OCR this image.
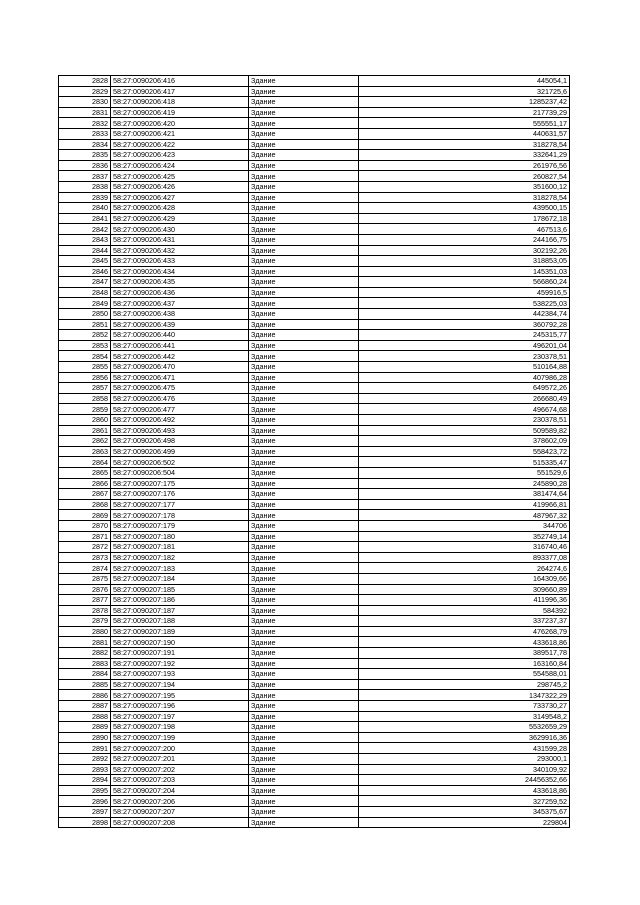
2828	58:27:0090206:416	Здание	445054,1
2829	58:27:0090206:417	Здание	321725,6
2830	58:27:0090206:418	Здание	1285237,42
2831	58:27:0090206:419	Здание	217739,29
2832	58:27:0090206:420	Здание	555551,17
2833	58:27:0090206:421	Здание	440631,57
2834	58:27:0090206:422	Здание	318278,54
2835	58:27:0090206:423	Здание	332641,29
2836	58:27:0090206:424	Здание	261976,56
2837	58:27:0090206:425	Здание	260827,54
2838	58:27:0090206:426	Здание	351600,12
2839	58:27:0090206:427	Здание	318278,54
2840	58:27:0090206:428	Здание	439500,15
2841	58:27:0090206:429	Здание	178672,18
2842	58:27:0090206:430	Здание	467513,6
2843	58:27:0090206:431	Здание	244166,75
2844	58:27:0090206:432	Здание	302192,26
2845	58:27:0090206:433	Здание	318853,05
2846	58:27:0090206:434	Здание	145351,03
2847	58:27:0090206:435	Здание	566860,24
2848	58:27:0090206:436	Здание	459916,5
2849	58:27:0090206:437	Здание	538225,03
2850	58:27:0090206:438	Здание	442384,74
2851	58:27:0090206:439	Здание	360792,28
2852	58:27:0090206:440	Здание	245315,77
2853	58:27:0090206:441	Здание	496201,04
2854	58:27:0090206:442	Здание	230378,51
2855	58:27:0090206:470	Здание	510164,88
2856	58:27:0090206:471	Здание	407986,28
2857	58:27:0090206:475	Здание	649572,26
2858	58:27:0090206:476	Здание	266680,49
2859	58:27:0090206:477	Здание	496674,68
2860	58:27:0090206:492	Здание	230378,51
2861	58:27:0090206:493	Здание	509589,82
2862	58:27:0090206:498	Здание	378602,09
2863	58:27:0090206:499	Здание	558423,72
2864	58:27:0090206:502	Здание	515335,47
2865	58:27:0090206:504	Здание	551529,6
2866	58:27:0090207:175	Здание	245890,28
2867	58:27:0090207:176	Здание	381474,64
2868	58:27:0090207:177	Здание	419966,81
2869	58:27:0090207:178	Здание	487967,32
2870	58:27:0090207:179	Здание	344706
2871	58:27:0090207:180	Здание	352749,14
2872	58:27:0090207:181	Здание	316740,46
2873	58:27:0090207:182	Здание	893377,08
2874	58:27:0090207:183	Здание	264274,6
2875	58:27:0090207:184	Здание	164309,66
2876	58:27:0090207:185	Здание	309660,89
2877	58:27:0090207:186	Здание	411996,36
2878	58:27:0090207:187	Здание	584392
2879	58:27:0090207:188	Здание	337237,37
2880	58:27:0090207:189	Здание	476268,79
2881	58:27:0090207:190	Здание	433618,86
2882	58:27:0090207:191	Здание	389517,78
2883	58:27:0090207:192	Здание	163160,84
2884	58:27:0090207:193	Здание	554588,01
2885	58:27:0090207:194	Здание	298745,2
2886	58:27:0090207:195	Здание	1347322,29
2887	58:27:0090207:196	Здание	733730,27
2888	58:27:0090207:197	Здание	3149548,2
2889	58:27:0090207:198	Здание	5532659,29
2890	58:27:0090207:199	Здание	3629916,36
2891	58:27:0090207:200	Здание	431599,28
2892	58:27:0090207:201	Здание	293000,1
2893	58:27:0090207:202	Здание	340109,92
2894	58:27:0090207:203	Здание	24456352,66
2895	58:27:0090207:204	Здание	433618,86
2896	58:27:0090207:206	Здание	327259,52
2897	58:27:0090207:207	Здание	345375,67
2898	58:27:0090207:208	Здание	229804
